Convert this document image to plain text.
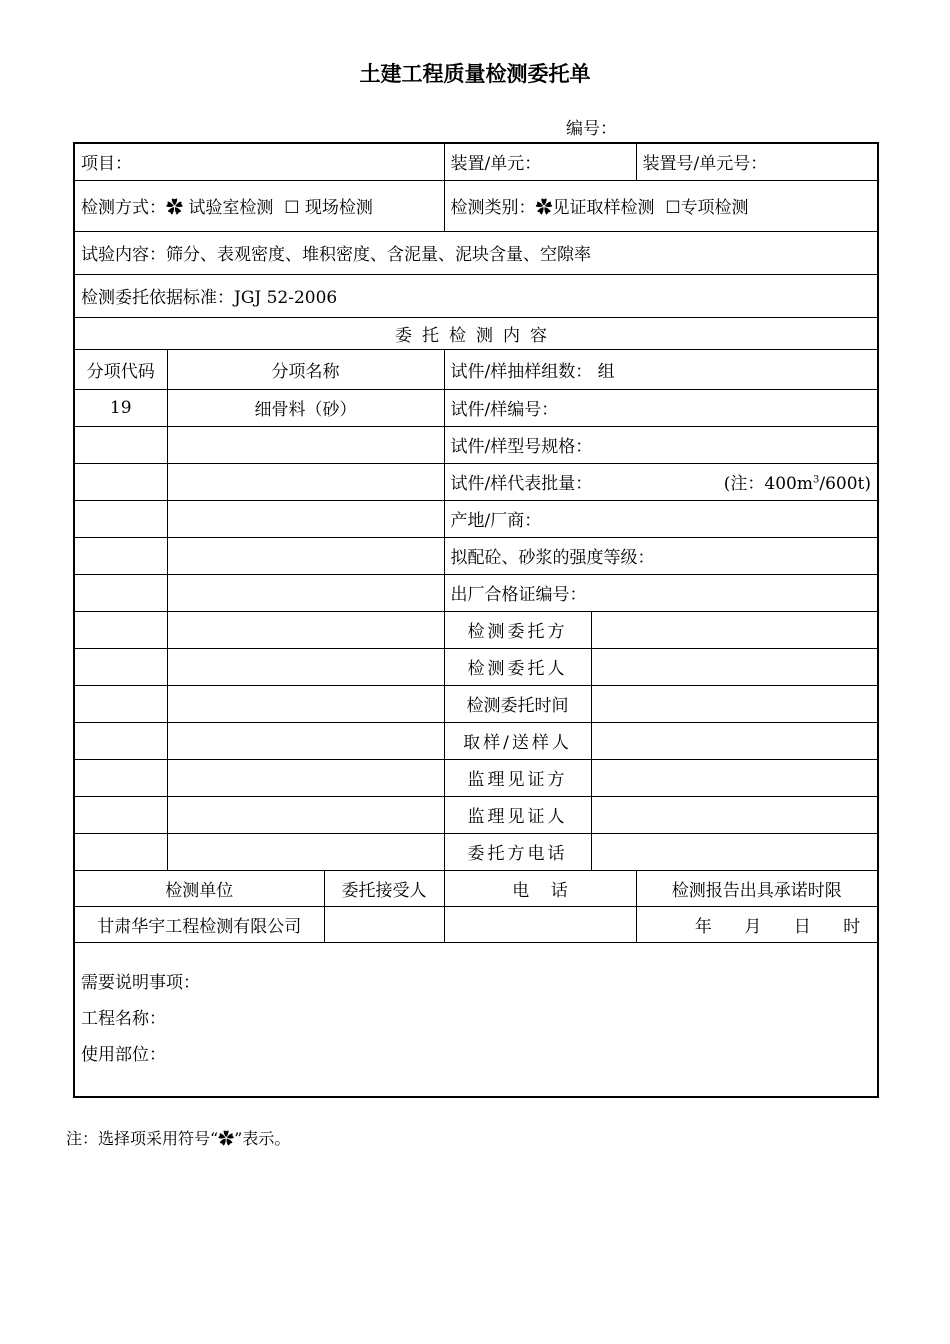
土建工程质量检测委托单
编号：
项目：			装置/单元：		装置号/单元号：
检测方式：✿ 试验室检测 ☐ 现场检测			检测类别：✿见证取样检测 ☐专项检测		
试验内容：筛分、表观密度、堆积密度、含泥量、泥块含量、空隙率					
检测委托依据标准：JGJ 52-2006					
委托检测内容					
分项代码	分项名称		试件/样抽样组数： 组		
19	细骨料（砂）		试件/样编号：		
			试件/样型号规格：		

			试件/样代表批量： (注：$400m^3/600t$)		

			产地/厂商：		
			拟配砼、砂浆的强度等级：		
			出厂合格证编号：		
			检测委托方		
			检测委托人		
			检测委托时间		
			取样/送样人		
			监理见证方		
			监理见证人		
			委托方电话		
检测单位		委托接受人	电    话		检测报告出具承诺时限
甘肃华宇工程检测有限公司					年 月 日 时

需要说明事项：
工程名称：
使用部位：					
注：选择项采用符号“✿”表示。
